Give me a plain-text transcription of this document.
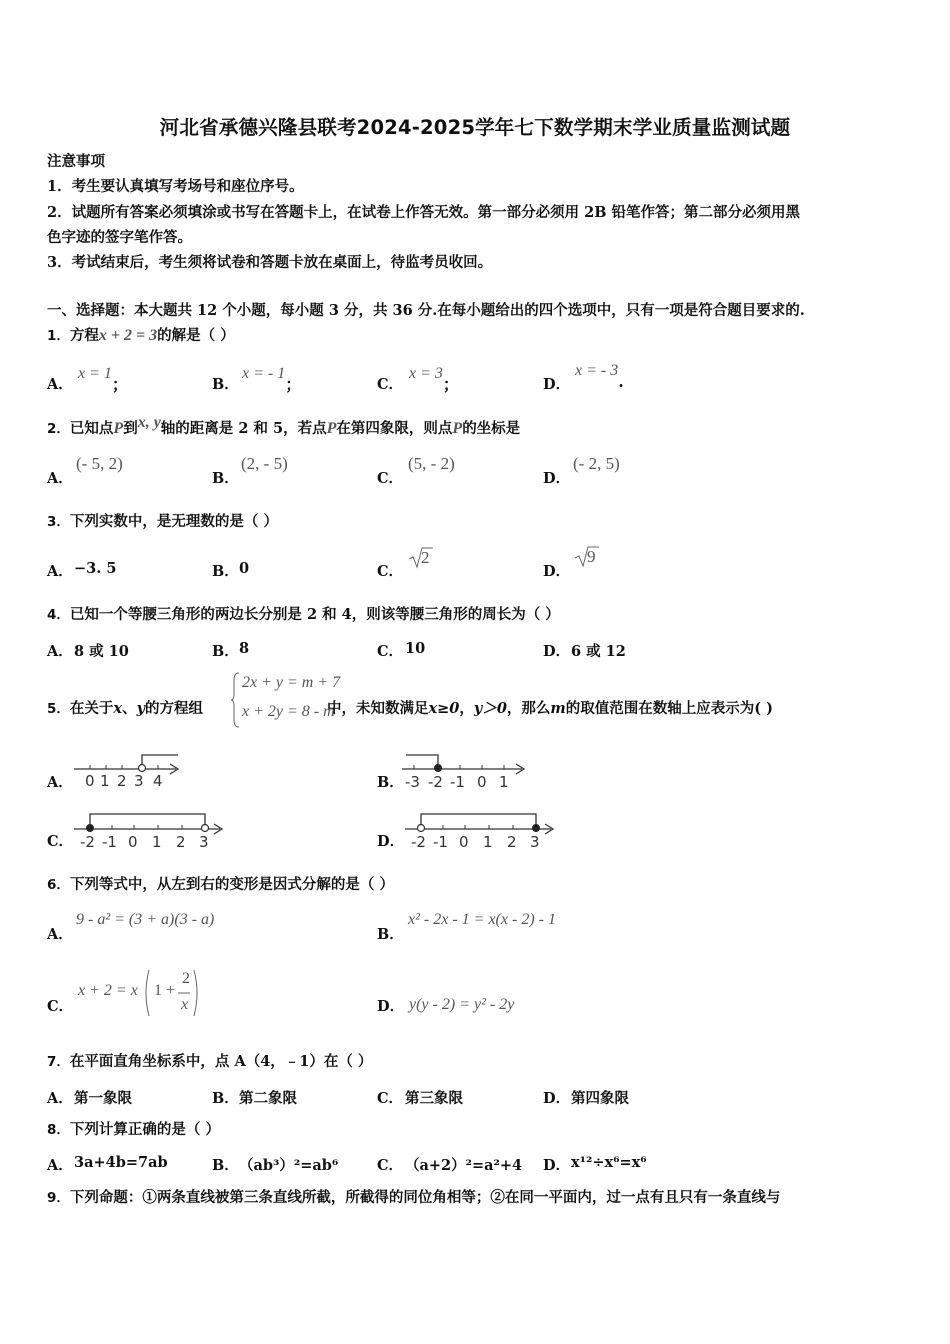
河北省承德兴隆县联考2024-2025学年七下数学期末学业质量监测试题
注意事项
1．考生要认真填写考场号和座位序号。
2．试题所有答案必须填涂或书写在答题卡上，在试卷上作答无效。第一部分必须用 2B 铅笔作答；第二部分必须用黑
色字迹的签字笔作答。
3．考试结束后，考生须将试卷和答题卡放在桌面上，待监考员收回。
一、选择题：本大题共 12 个小题，每小题 3 分，共 36 分.在每小题给出的四个选项中，只有一项是符合题目要求的.
1．方程x + 2 = 3的解是（ ）
A．
x = 1；	B．
x = - 1；	C．
x = 3；	D．
x = - 3.
2．已知点P到x, y轴的距离是 2 和 5，若点P在第四象限，则点P的坐标是
A．
(- 5, 2)
B．
(2, - 5)
C．
(5, - 2)
D．
(- 2, 5)
3．下列实数中，是无理数的是（ ）
A． −3. 5	B． 0	C．
2
D．
9
4．已知一个等腰三角形的两边长分别是 2 和 4，则该等腰三角形的周长为（ ）
A． 8 或 10	B． 8	C． 10	D． 6 或 12
5．在关于x、y的方程组	中，未知数满足x≥0，y＞0，那么m的取值范围在数轴上应表示为( )
2x + y = m + 7
x + 2y = 8 - m
A． 0 1 2 3 4	B． -3 -2 -1 0 1
C． -2 -1 0 1 2 3	D． -2 -1 0 1 2 3
6．下列等式中，从左到右的变形是因式分解的是（ ）
A．
9 - a² = (3 + a)(3 - a)
B．
x² - 2x - 1 = x(x - 2) - 1
C．
x + 2 = x 1 +
2
x	D． y(y - 2) = y² - 2y
7．在平面直角坐标系中，点 A（4，﹣1）在（ ）
A． 第一象限	B． 第二象限	C． 第三象限	D． 第四象限
8．下列计算正确的是（ ）
A． 3a+4b=7ab	B． （ab³）²=ab⁶	C． （a+2）²=a²+4 D． x¹²÷x⁶=x⁶
9．下列命题：①两条直线被第三条直线所截，所截得的同位角相等；②在同一平面内，过一点有且只有一条直线与
